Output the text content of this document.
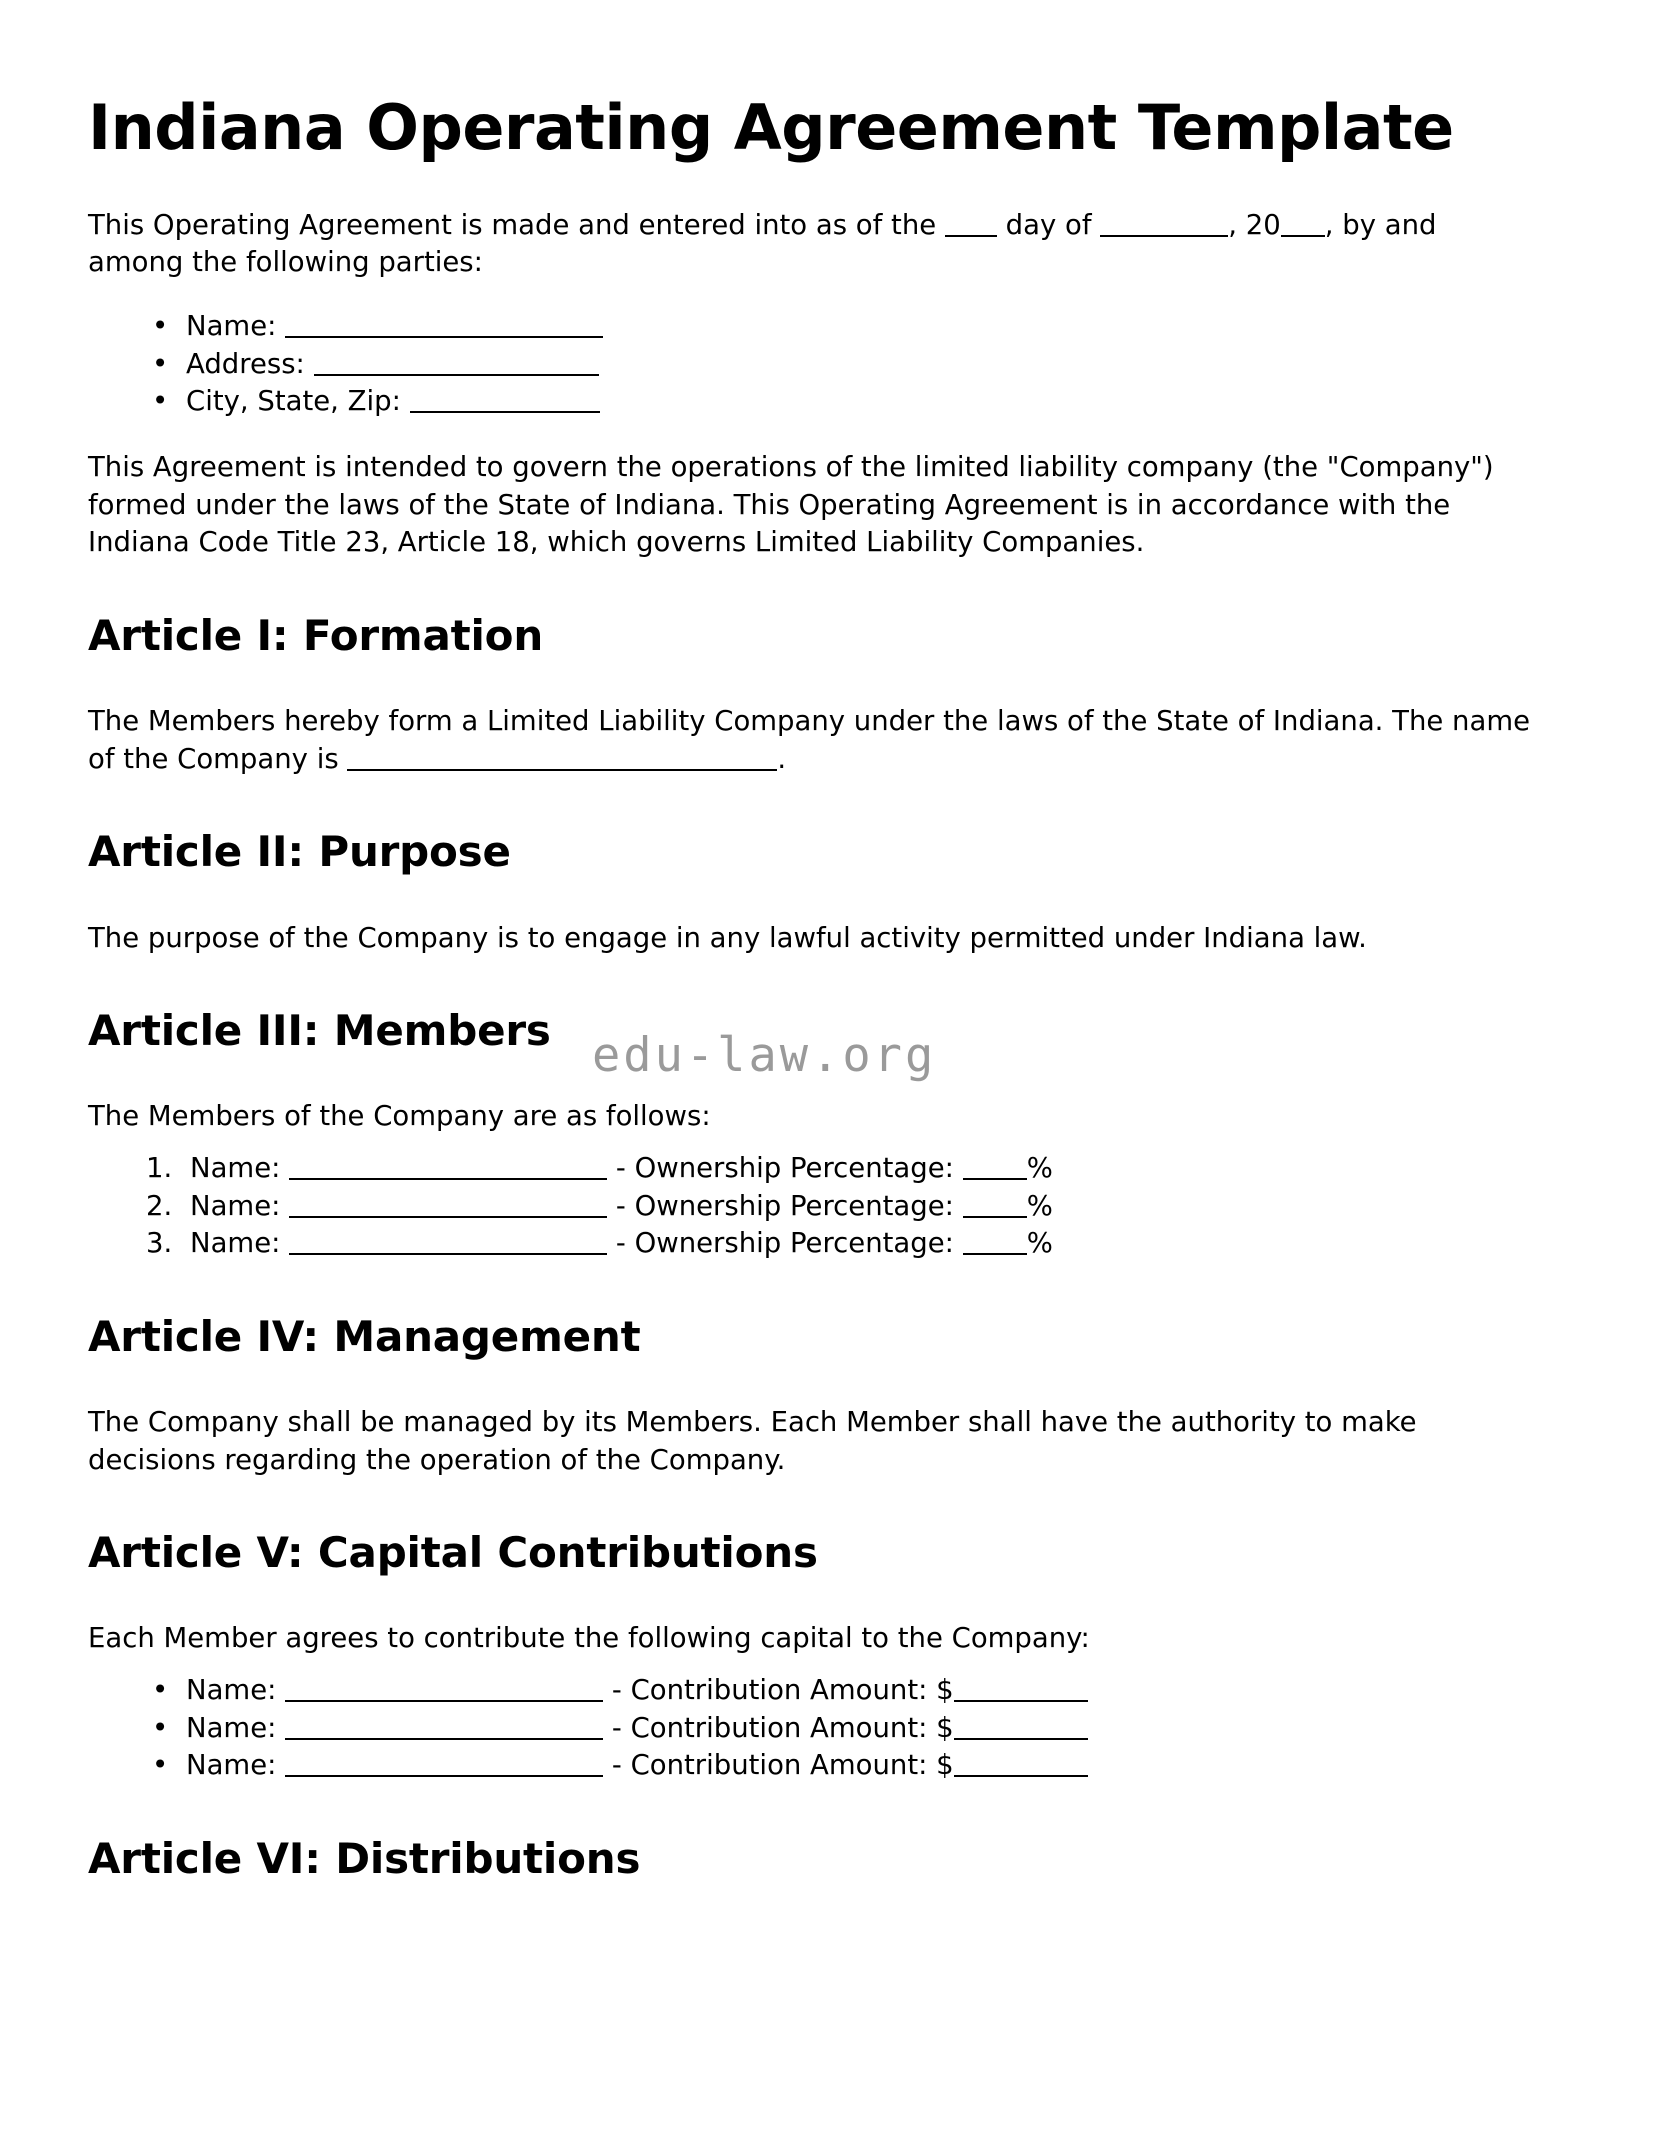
edu-law.org
Indiana Operating Agreement Template

This Operating Agreement is made and entered into as of the	day of	, 20 , by and among the following parties:

• Name:
• Address:
• City, State, Zip:

This Agreement is intended to govern the operations of the limited liability company (the "Company") formed under the laws of the State of Indiana. This Operating Agreement is in accordance with the Indiana Code Title 23, Article 18, which governs Limited Liability Companies.

Article I: Formation

The Members hereby form a Limited Liability Company under the laws of the State of Indiana. The name of the Company is	.

Article II: Purpose

The purpose of the Company is to engage in any lawful activity permitted under Indiana law.

Article III: Members

The Members of the Company are as follows:

Name:	- Ownership Percentage:	%
Name:	- Ownership Percentage:	%
Name:	- Ownership Percentage:	%
Article IV: Management

The Company shall be managed by its Members. Each Member shall have the authority to make decisions regarding the operation of the Company.

Article V: Capital Contributions

Each Member agrees to contribute the following capital to the Company:

• Name:	- Contribution Amount: $
• Name:	- Contribution Amount: $
• Name:	- Contribution Amount: $
Article VI: Distributions
